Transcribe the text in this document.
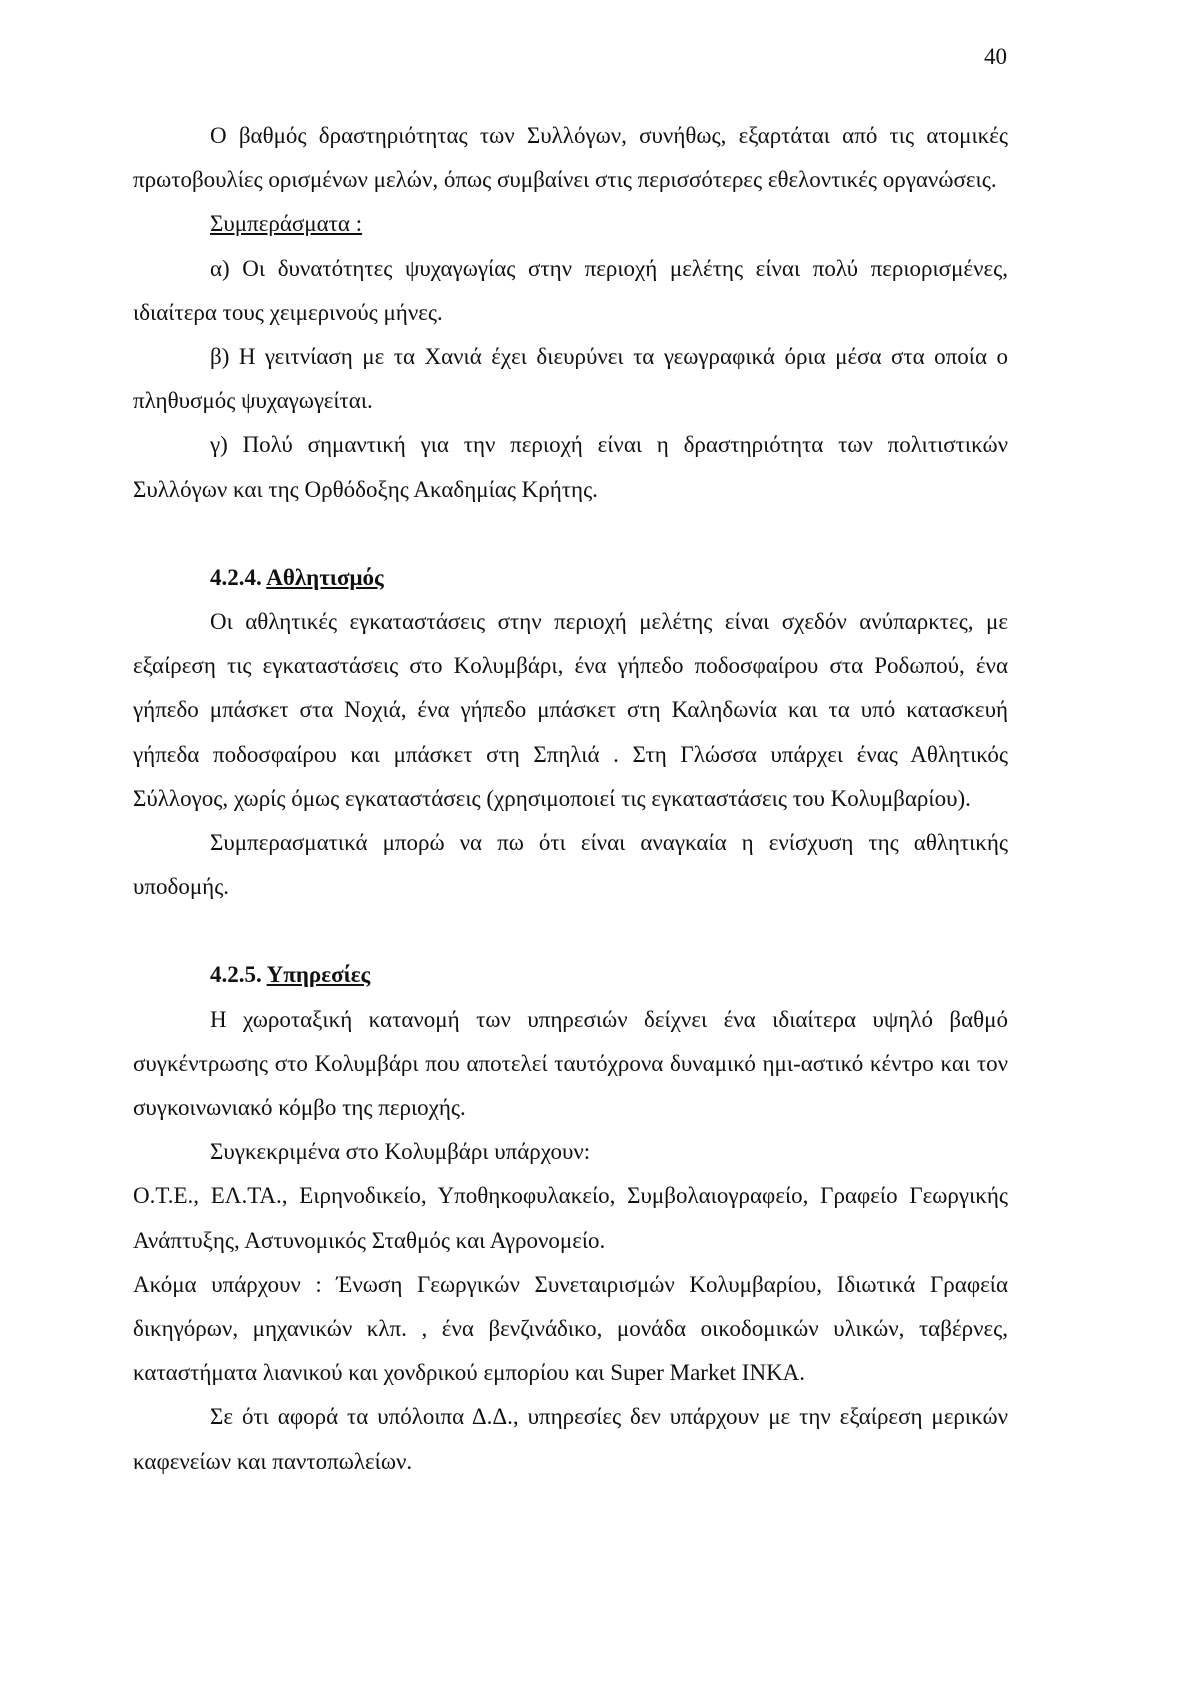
40

Ο βαθμός δραστηριότητας των Συλλόγων, συνήθως, εξαρτάται από τις ατομικές πρωτοβουλίες ορισμένων μελών, όπως συμβαίνει στις περισσότερες εθελοντικές οργανώσεις.

Συμπεράσματα :

α) Οι δυνατότητες ψυχαγωγίας στην περιοχή μελέτης είναι πολύ περιορισμένες, ιδιαίτερα τους χειμερινούς μήνες.

β) Η γειτνίαση με τα Χανιά έχει διευρύνει τα γεωγραφικά όρια μέσα στα οποία ο πληθυσμός ψυχαγωγείται.

γ) Πολύ σημαντική για την περιοχή είναι η δραστηριότητα των πολιτιστικών Συλλόγων και της Ορθόδοξης Ακαδημίας Κρήτης.

4.2.4. Αθλητισμός

Οι αθλητικές εγκαταστάσεις στην περιοχή μελέτης είναι σχεδόν ανύπαρκτες, με εξαίρεση τις εγκαταστάσεις στο Κολυμβάρι, ένα γήπεδο ποδοσφαίρου στα Ροδωπού, ένα γήπεδο μπάσκετ στα Νοχιά, ένα γήπεδο μπάσκετ στη Καληδωνία και τα υπό κατασκευή γήπεδα ποδοσφαίρου και μπάσκετ στη Σπηλιά . Στη Γλώσσα υπάρχει ένας Αθλητικός Σύλλογος, χωρίς όμως εγκαταστάσεις (χρησιμοποιεί τις εγκαταστάσεις του Κολυμβαρίου).

Συμπερασματικά μπορώ να πω ότι είναι αναγκαία η ενίσχυση της αθλητικής υποδομής.

4.2.5. Υπηρεσίες

Η χωροταξική κατανομή των υπηρεσιών δείχνει ένα ιδιαίτερα υψηλό βαθμό συγκέντρωσης στο Κολυμβάρι που αποτελεί ταυτόχρονα δυναμικό ημι-αστικό κέντρο και τον συγκοινωνιακό κόμβο της περιοχής.

Συγκεκριμένα στο Κολυμβάρι υπάρχουν:

Ο.Τ.Ε., ΕΛ.ΤΑ., Ειρηνοδικείο, Υποθηκοφυλακείο, Συμβολαιογραφείο, Γραφείο Γεωργικής Ανάπτυξης, Αστυνομικός Σταθμός και Αγρονομείο.

Ακόμα υπάρχουν : Ένωση Γεωργικών Συνεταιρισμών Κολυμβαρίου, Ιδιωτικά Γραφεία δικηγόρων, μηχανικών κλπ. , ένα βενζινάδικο, μονάδα οικοδομικών υλικών, ταβέρνες, καταστήματα λιανικού και χονδρικού εμπορίου και Super Market INKA.

Σε ότι αφορά τα υπόλοιπα Δ.Δ., υπηρεσίες δεν υπάρχουν με την εξαίρεση μερικών καφενείων και παντοπωλείων.
